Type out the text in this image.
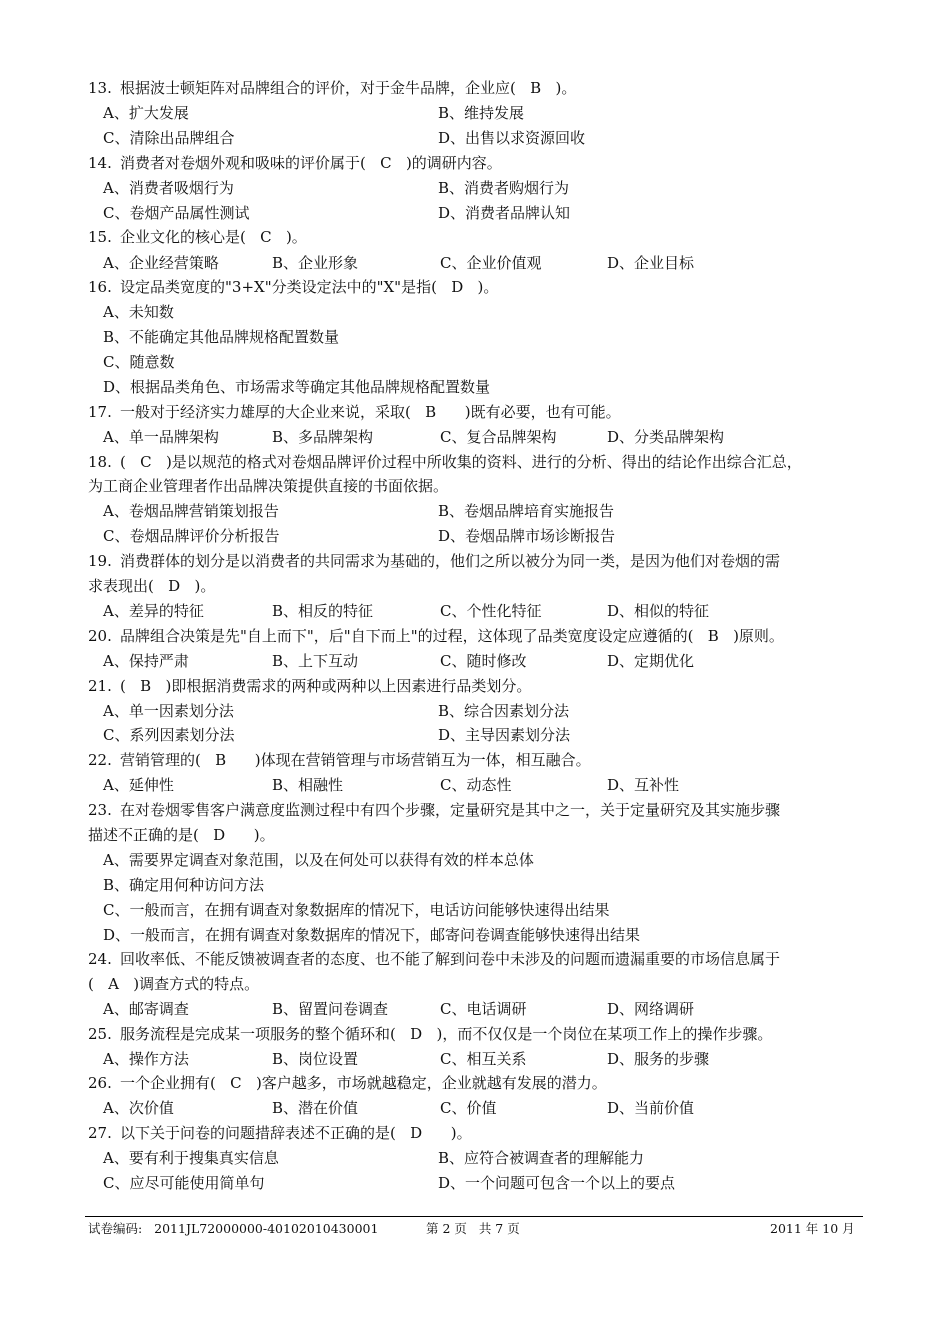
13. 根据波士顿矩阵对品牌组合的评价，对于金牛品牌，企业应(   B   )。
A、扩大发展	B、维持发展
C、清除出品牌组合	D、出售以求资源回收
14. 消费者对卷烟外观和吸味的评价属于(   C   )的调研内容。
A、消费者吸烟行为	B、消费者购烟行为
C、卷烟产品属性测试	D、消费者品牌认知
15. 企业文化的核心是(   C   )。
A、企业经营策略	B、企业形象	C、企业价值观	D、企业目标
16. 设定品类宽度的"3+X"分类设定法中的"X"是指(   D   )。
A、未知数
B、不能确定其他品牌规格配置数量
C、随意数
D、根据品类角色、市场需求等确定其他品牌规格配置数量
17. 一般对于经济实力雄厚的大企业来说，采取(   B      )既有必要，也有可能。
A、单一品牌架构	B、多品牌架构	C、复合品牌架构	D、分类品牌架构
18. (   C   )是以规范的格式对卷烟品牌评价过程中所收集的资料、进行的分析、得出的结论作出综合汇总，
为工商企业管理者作出品牌决策提供直接的书面依据。
A、卷烟品牌营销策划报告	B、卷烟品牌培育实施报告
C、卷烟品牌评价分析报告	D、卷烟品牌市场诊断报告
19. 消费群体的划分是以消费者的共同需求为基础的，他们之所以被分为同一类，是因为他们对卷烟的需
求表现出(   D   )。
A、差异的特征	B、相反的特征	C、个性化特征	D、相似的特征
20. 品牌组合决策是先"自上而下"，后"自下而上"的过程，这体现了品类宽度设定应遵循的(   B   )原则。
A、保持严肃	B、上下互动	C、随时修改	D、定期优化
21. (   B   )即根据消费需求的两种或两种以上因素进行品类划分。
A、单一因素划分法	B、综合因素划分法
C、系列因素划分法	D、主导因素划分法
22. 营销管理的(   B      )体现在营销管理与市场营销互为一体，相互融合。
A、延伸性	B、相融性	C、动态性	D、互补性
23. 在对卷烟零售客户满意度监测过程中有四个步骤，定量研究是其中之一，关于定量研究及其实施步骤
描述不正确的是(   D      )。
A、需要界定调查对象范围，以及在何处可以获得有效的样本总体
B、确定用何种访问方法
C、一般而言，在拥有调查对象数据库的情况下，电话访问能够快速得出结果
D、一般而言，在拥有调查对象数据库的情况下，邮寄问卷调查能够快速得出结果
24. 回收率低、不能反馈被调查者的态度、也不能了解到问卷中未涉及的问题而遗漏重要的市场信息属于
(   A   )调查方式的特点。
A、邮寄调查	B、留置问卷调查	C、电话调研	D、网络调研
25. 服务流程是完成某一项服务的整个循环和(   D   )，而不仅仅是一个岗位在某项工作上的操作步骤。
A、操作方法	B、岗位设置	C、相互关系	D、服务的步骤
26. 一个企业拥有(   C   )客户越多，市场就越稳定，企业就越有发展的潜力。
A、次价值	B、潜在价值	C、价值	D、当前价值
27. 以下关于问卷的问题措辞表述不正确的是(   D      )。
A、要有利于搜集真实信息	B、应符合被调查者的理解能力
C、应尽可能使用简单句	D、一个问题可包含一个以上的要点
试卷编码:   2011JL72000000-40102010430001	第 2 页   共 7 页	2011 年 10 月
